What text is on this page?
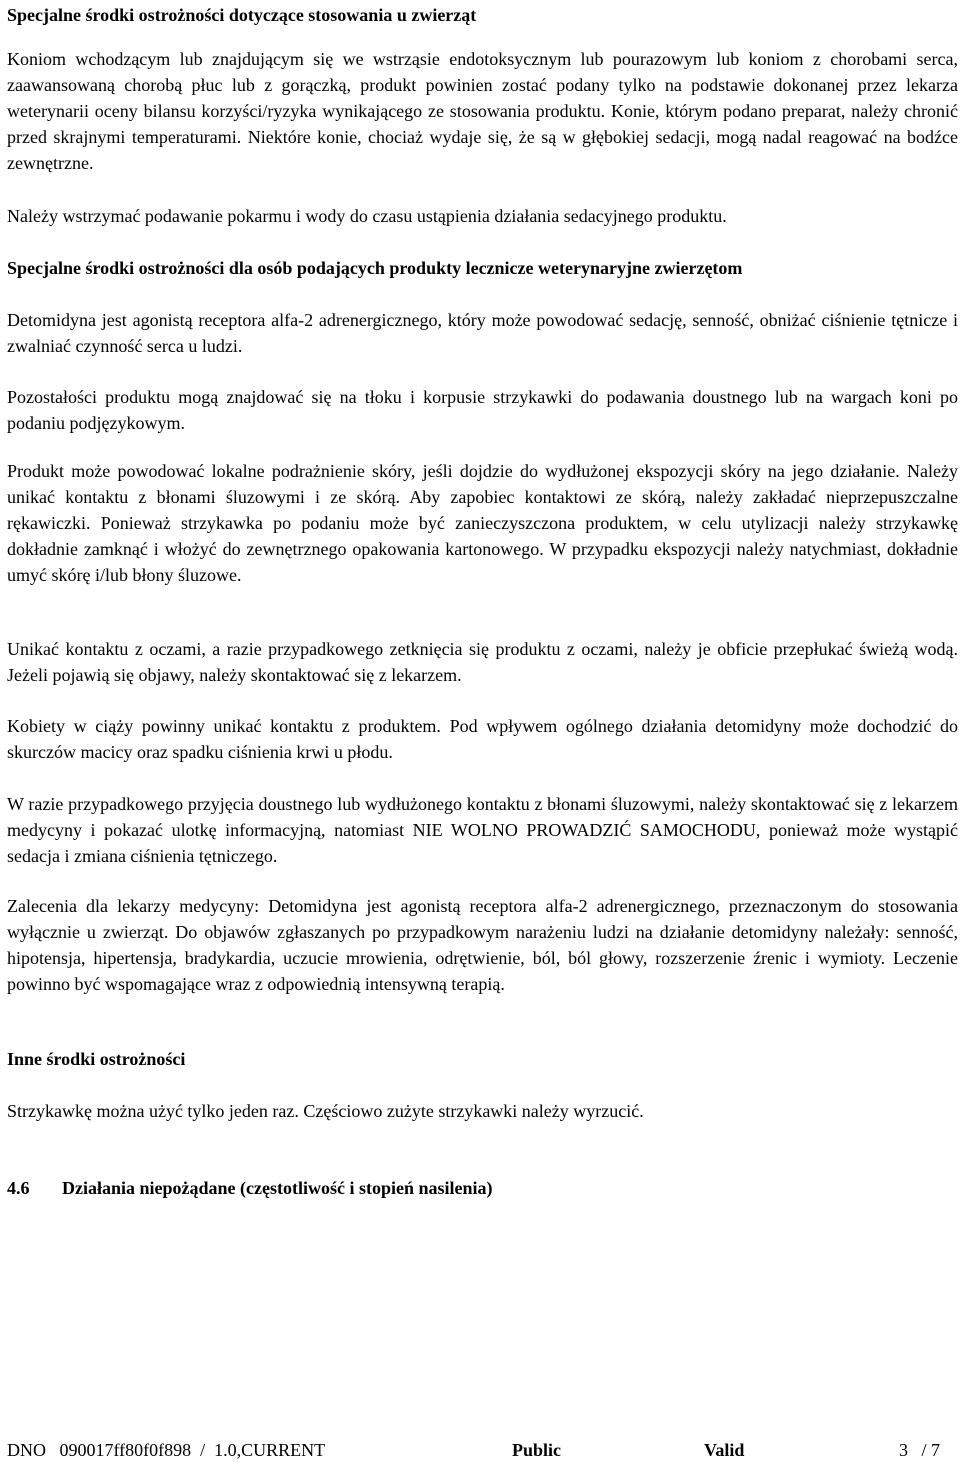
Specjalne środki ostrożności dotyczące stosowania u zwierząt

Koniom wchodzącym lub znajdującym się we wstrząsie endotoksycznym lub pourazowym lub koniom z chorobami serca, zaawansowaną chorobą płuc lub z gorączką, produkt powinien zostać podany tylko na podstawie dokonanej przez lekarza weterynarii oceny bilansu korzyści/ryzyka wynikającego ze stosowania produktu. Konie, którym podano preparat, należy chronić przed skrajnymi temperaturami. Niektóre konie, chociaż wydaje się, że są w głębokiej sedacji, mogą nadal reagować na bodźce zewnętrzne.

Należy wstrzymać podawanie pokarmu i wody do czasu ustąpienia działania sedacyjnego produktu.

Specjalne środki ostrożności dla osób podających produkty lecznicze weterynaryjne zwierzętom

Detomidyna jest agonistą receptora alfa-2 adrenergicznego, który może powodować sedację, senność, obniżać ciśnienie tętnicze i zwalniać czynność serca u ludzi.

Pozostałości produktu mogą znajdować się na tłoku i korpusie strzykawki do podawania doustnego lub na wargach koni po podaniu podjęzykowym.

Produkt może powodować lokalne podrażnienie skóry, jeśli dojdzie do wydłużonej ekspozycji skóry na jego działanie. Należy unikać kontaktu z błonami śluzowymi i ze skórą. Aby zapobiec kontaktowi ze skórą, należy zakładać nieprzepuszczalne rękawiczki. Ponieważ strzykawka po podaniu może być zanieczyszczona produktem, w celu utylizacji należy strzykawkę dokładnie zamknąć i włożyć do zewnętrznego opakowania kartonowego. W przypadku ekspozycji należy natychmiast, dokładnie umyć skórę i/lub błony śluzowe.

Unikać kontaktu z oczami, a razie przypadkowego zetknięcia się produktu z oczami, należy je obficie przepłukać świeżą wodą. Jeżeli pojawią się objawy, należy skontaktować się z lekarzem.

Kobiety w ciąży powinny unikać kontaktu z produktem. Pod wpływem ogólnego działania detomidyny może dochodzić do skurczów macicy oraz spadku ciśnienia krwi u płodu.

W razie przypadkowego przyjęcia doustnego lub wydłużonego kontaktu z błonami śluzowymi, należy skontaktować się z lekarzem medycyny i pokazać ulotkę informacyjną, natomiast NIE WOLNO PROWADZIĆ SAMOCHODU, ponieważ może wystąpić sedacja i zmiana ciśnienia tętniczego.

Zalecenia dla lekarzy medycyny: Detomidyna jest agonistą receptora alfa-2 adrenergicznego, przeznaczonym do stosowania wyłącznie u zwierząt. Do objawów zgłaszanych po przypadkowym narażeniu ludzi na działanie detomidyny należały: senność, hipotensja, hipertensja, bradykardia, uczucie mrowienia, odrętwienie, ból, ból głowy, rozszerzenie źrenic i wymioty. Leczenie powinno być wspomagające wraz z odpowiednią intensywną terapią.

Inne środki ostrożności

Strzykawkę można użyć tylko jeden raz. Częściowo zużyte strzykawki należy wyrzucić.

4.6	Działania niepożądane (częstotliwość i stopień nasilenia)
DNO   090017ff80f0f898  /  1.0,CURRENT	Public	Valid	3   / 7
